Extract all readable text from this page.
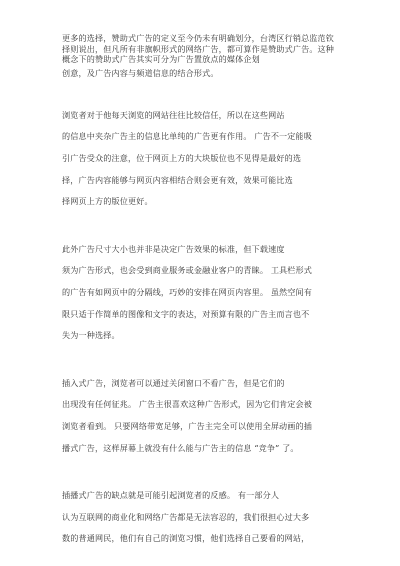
更多的选择，赞助式广告的定义至今仍未有明确划分，台湾区行销总监范钦
择则说出，但凡所有非旗帜形式的网络广告，都可算作是赞助式广告。这种
概念下的赞助式广告其实可分为广告置放点的媒体企划

创意，及广告内容与频道信息的结合形式。

浏览者对于他每天浏览的网站往往比较信任，所以在这些网站
的信息中夹杂广告主的信息比单纯的广告更有作用。 广告不一定能吸
引广告受众的注意，位于网页上方的大块版位也不见得是最好的选
择，广告内容能够与网页内容相结合则会更有效，效果可能比选
择网页上方的版位更好。

此外广告尺寸大小也并非是决定广告效果的标准，但下载速度
须为广告形式，也会受到商业服务或金融业客户的青睐。 工具栏形式
的广告有如网页中的分隔线，巧妙的安排在网页内容里。 虽然空间有
限只适于作简单的图像和文字的表达，对预算有限的广告主而言也不
失为一种选择。

插入式广告，浏览者可以通过关闭窗口不看广告，但是它们的
出现没有任何征兆。 广告主很喜欢这种广告形式，因为它们肯定会被
浏览者看到。 只要网络带宽足够，广告主完全可以使用全屏动画的插
播式广告，这样屏幕上就没有什么能与广告主的信息 “竞争” 了。

插播式广告的缺点就是可能引起浏览者的反感。 有一部分人
认为互联网的商业化和网络广告都是无法容忍的，我们很担心过大多
数的普通网民，他们有自己的浏览习惯，他们选择自己要看的网站，
